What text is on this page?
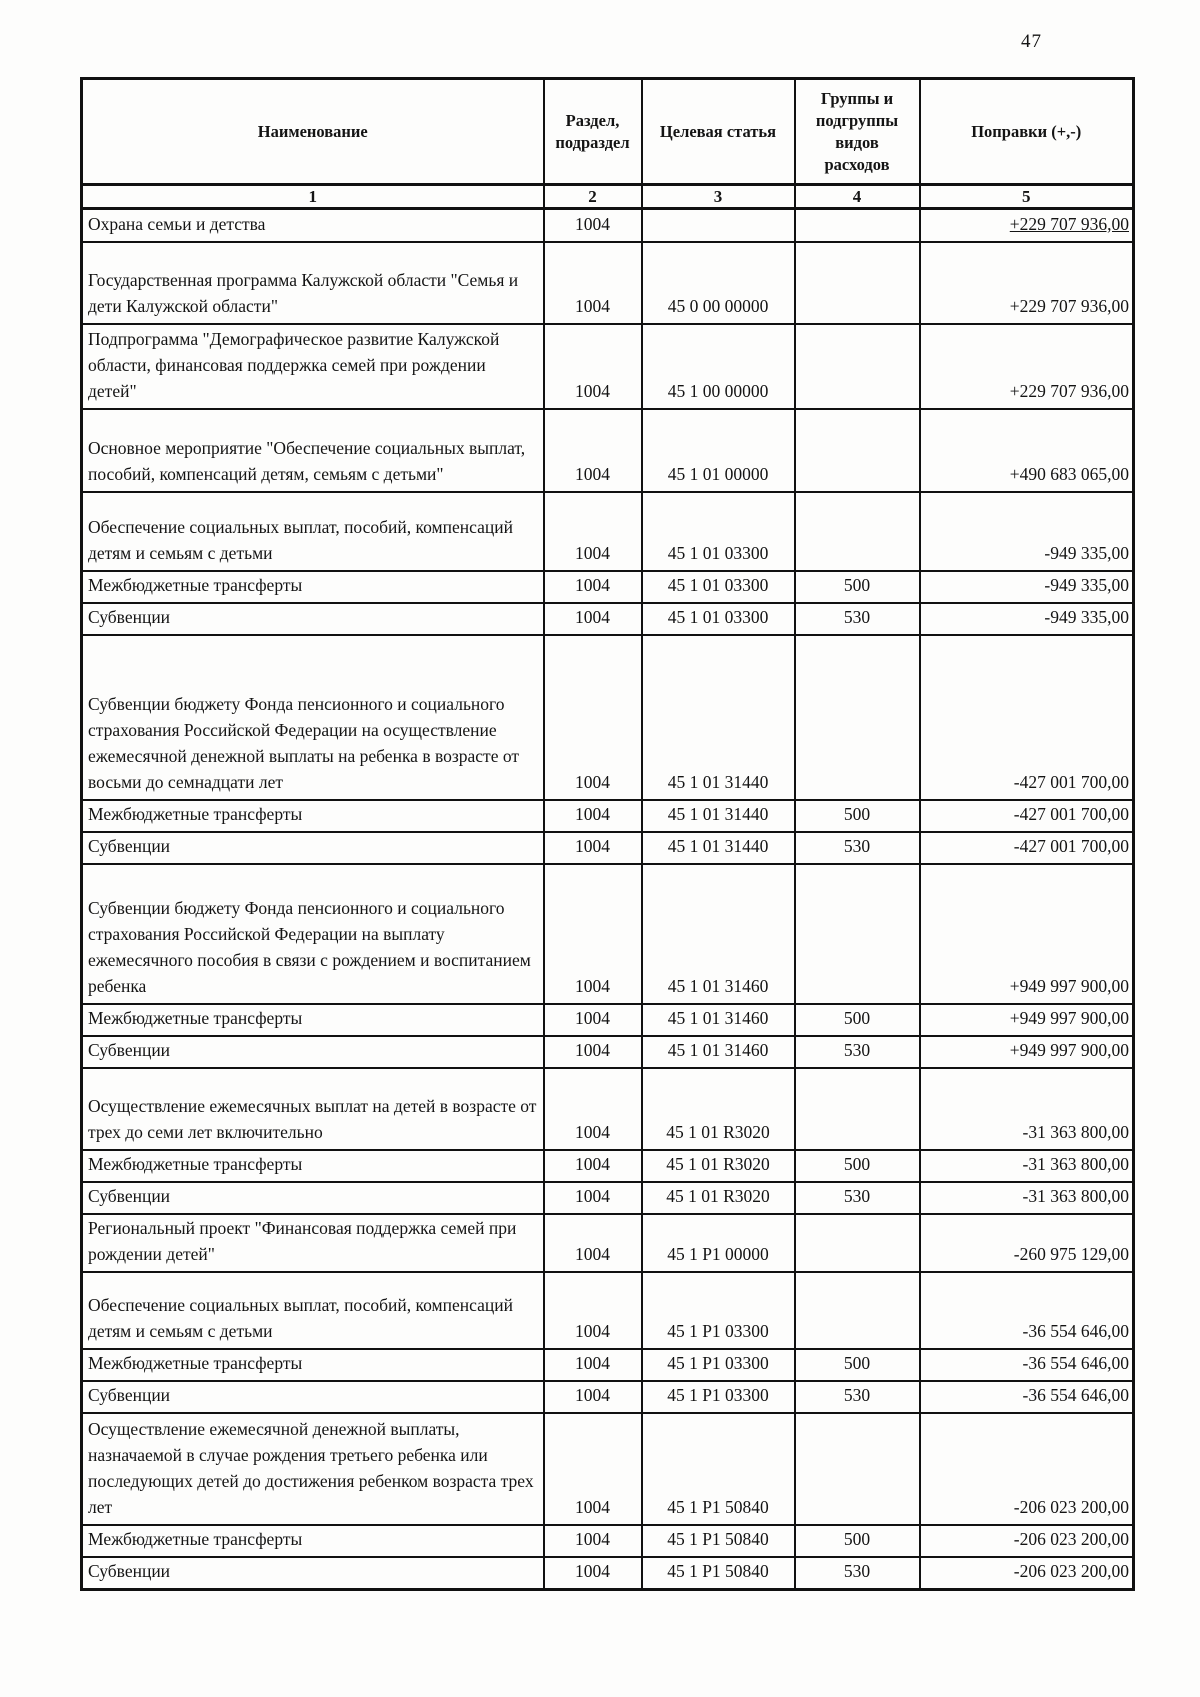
47
Наименование	Раздел, подраздел	Целевая статья	Группы и подгруппы видов расходов	Поправки (+,-)
1	2	3	4	5
Охрана семьи и детства	1004			+229 707 936,00
Государственная программа Калужской области "Семья и дети Калужской области"	1004	45 0 00 00000		+229 707 936,00
Подпрограмма "Демографическое развитие Калужской области, финансовая поддержка семей при рождении детей"	1004	45 1 00 00000		+229 707 936,00
Основное мероприятие "Обеспечение социальных выплат, пособий, компенсаций детям, семьям с детьми"	1004	45 1 01 00000		+490 683 065,00
Обеспечение социальных выплат, пособий, компенсаций детям и семьям с детьми	1004	45 1 01 03300		-949 335,00
Межбюджетные трансферты	1004	45 1 01 03300	500	-949 335,00
Субвенции	1004	45 1 01 03300	530	-949 335,00
Субвенции бюджету Фонда пенсионного и социального страхования Российской Федерации на осуществление ежемесячной денежной выплаты на ребенка в возрасте от восьми до семнадцати лет	1004	45 1 01 31440		-427 001 700,00
Межбюджетные трансферты	1004	45 1 01 31440	500	-427 001 700,00
Субвенции	1004	45 1 01 31440	530	-427 001 700,00
Субвенции бюджету Фонда пенсионного и социального страхования Российской Федерации на выплату ежемесячного пособия в связи с рождением и воспитанием ребенка	1004	45 1 01 31460		+949 997 900,00
Межбюджетные трансферты	1004	45 1 01 31460	500	+949 997 900,00
Субвенции	1004	45 1 01 31460	530	+949 997 900,00
Осуществление ежемесячных выплат на детей в возрасте от трех до семи лет включительно	1004	45 1 01 R3020		-31 363 800,00
Межбюджетные трансферты	1004	45 1 01 R3020	500	-31 363 800,00
Субвенции	1004	45 1 01 R3020	530	-31 363 800,00
Региональный проект "Финансовая поддержка семей при рождении детей"	1004	45 1 P1 00000		-260 975 129,00
Обеспечение социальных выплат, пособий, компенсаций детям и семьям с детьми	1004	45 1 P1 03300		-36 554 646,00
Межбюджетные трансферты	1004	45 1 P1 03300	500	-36 554 646,00
Субвенции	1004	45 1 P1 03300	530	-36 554 646,00
Осуществление ежемесячной денежной выплаты, назначаемой в случае рождения третьего ребенка или последующих детей до достижения ребенком возраста трех лет	1004	45 1 P1 50840		-206 023 200,00
Межбюджетные трансферты	1004	45 1 P1 50840	500	-206 023 200,00
Субвенции	1004	45 1 P1 50840	530	-206 023 200,00
